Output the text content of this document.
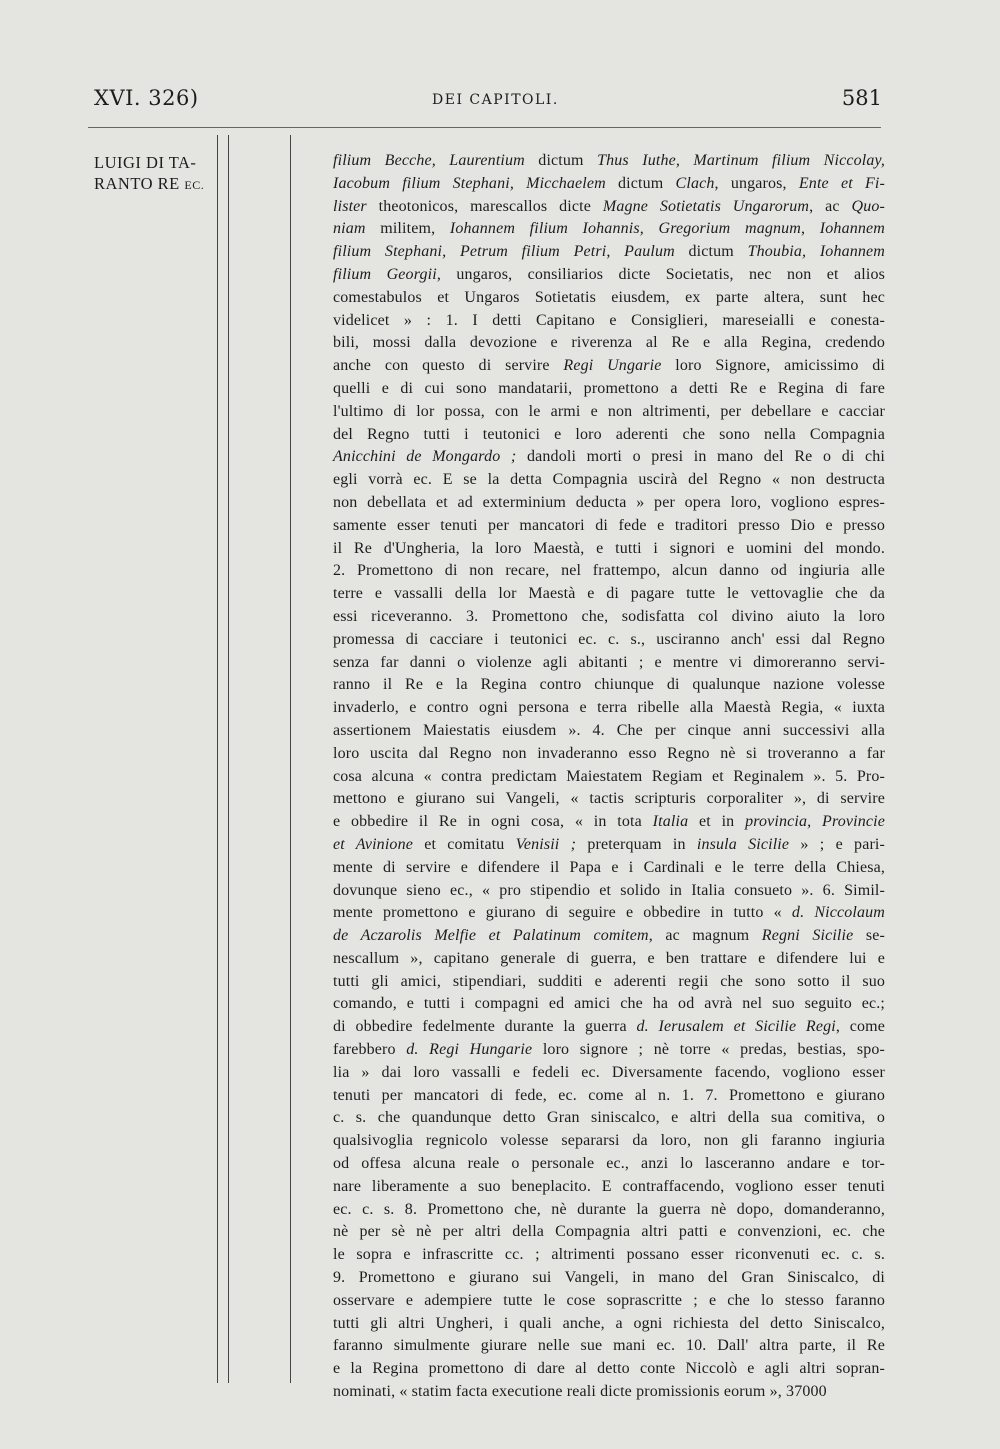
XVI. 326)	DEI CAPITOLI.	581
LUIGI DI TA-
RANTO RE EC.
filium Becche, Laurentium dictum Thus Iuthe, Martinum filium Niccolay,
Iacobum filium Stephani, Micchaelem dictum Clach, ungaros, Ente et Fi-
lister theotonicos, marescallos dicte Magne Sotietatis Ungarorum, ac Quo-
niam militem, Iohannem filium Iohannis, Gregorium magnum, Iohannem
filium Stephani, Petrum filium Petri, Paulum dictum Thoubia, Iohannem
filium Georgii, ungaros, consiliarios dicte Societatis, nec non et alios
comestabulos et Ungaros Sotietatis eiusdem, ex parte altera, sunt hec
videlicet » : 1. I detti Capitano e Consiglieri, mareseialli e conesta-
bili, mossi dalla devozione e riverenza al Re e alla Regina, credendo
anche con questo di servire Regi Ungarie loro Signore, amicissimo di
quelli e di cui sono mandatarii, promettono a detti Re e Regina di fare
l'ultimo di lor possa, con le armi e non altrimenti, per debellare e cacciar
del Regno tutti i teutonici e loro aderenti che sono nella Compagnia
Anicchini de Mongardo ; dandoli morti o presi in mano del Re o di chi
egli vorrà ec. E se la detta Compagnia uscirà del Regno « non destructa
non debellata et ad exterminium deducta » per opera loro, vogliono espres-
samente esser tenuti per mancatori di fede e traditori presso Dio e presso
il Re d'Ungheria, la loro Maestà, e tutti i signori e uomini del mondo.
2. Promettono di non recare, nel frattempo, alcun danno od ingiuria alle
terre e vassalli della lor Maestà e di pagare tutte le vettovaglie che da
essi riceveranno. 3. Promettono che, sodisfatta col divino aiuto la loro
promessa di cacciare i teutonici ec. c. s., usciranno anch' essi dal Regno
senza far danni o violenze agli abitanti ; e mentre vi dimoreranno servi-
ranno il Re e la Regina contro chiunque di qualunque nazione volesse
invaderlo, e contro ogni persona e terra ribelle alla Maestà Regia, « iuxta
assertionem Maiestatis eiusdem ». 4. Che per cinque anni successivi alla
loro uscita dal Regno non invaderanno esso Regno nè si troveranno a far
cosa alcuna « contra predictam Maiestatem Regiam et Reginalem ». 5. Pro-
mettono e giurano sui Vangeli, « tactis scripturis corporaliter », di servire
e obbedire il Re in ogni cosa, « in tota Italia et in provincia, Provincie
et Avinione et comitatu Venisii ; preterquam in insula Sicilie » ; e pari-
mente di servire e difendere il Papa e i Cardinali e le terre della Chiesa,
dovunque sieno ec., « pro stipendio et solido in Italia consueto ». 6. Simil-
mente promettono e giurano di seguire e obbedire in tutto « d. Niccolaum
de Aczarolis Melfie et Palatinum comitem, ac magnum Regni Sicilie se-
nescallum », capitano generale di guerra, e ben trattare e difendere lui e
tutti gli amici, stipendiari, sudditi e aderenti regii che sono sotto il suo
comando, e tutti i compagni ed amici che ha od avrà nel suo seguito ec.;
di obbedire fedelmente durante la guerra d. Ierusalem et Sicilie Regi, come
farebbero d. Regi Hungarie loro signore ; nè torre « predas, bestias, spo-
lia » dai loro vassalli e fedeli ec. Diversamente facendo, vogliono esser
tenuti per mancatori di fede, ec. come al n. 1. 7. Promettono e giurano
c. s. che quandunque detto Gran siniscalco, e altri della sua comitiva, o
qualsivoglia regnicolo volesse separarsi da loro, non gli faranno ingiuria
od offesa alcuna reale o personale ec., anzi lo lasceranno andare e tor-
nare liberamente a suo beneplacito. E contraffacendo, vogliono esser tenuti
ec. c. s. 8. Promettono che, nè durante la guerra nè dopo, domanderanno,
nè per sè nè per altri della Compagnia altri patti e convenzioni, ec. che
le sopra e infrascritte cc. ; altrimenti possano esser riconvenuti ec. c. s.
9. Promettono e giurano sui Vangeli, in mano del Gran Siniscalco, di
osservare e adempiere tutte le cose soprascritte ; e che lo stesso faranno
tutti gli altri Ungheri, i quali anche, a ogni richiesta del detto Siniscalco,
faranno simulmente giurare nelle sue mani ec. 10. Dall' altra parte, il Re
e la Regina promettono di dare al detto conte Niccolò e agli altri sopran-
nominati, « statim facta executione reali dicte promissionis eorum », 37000
